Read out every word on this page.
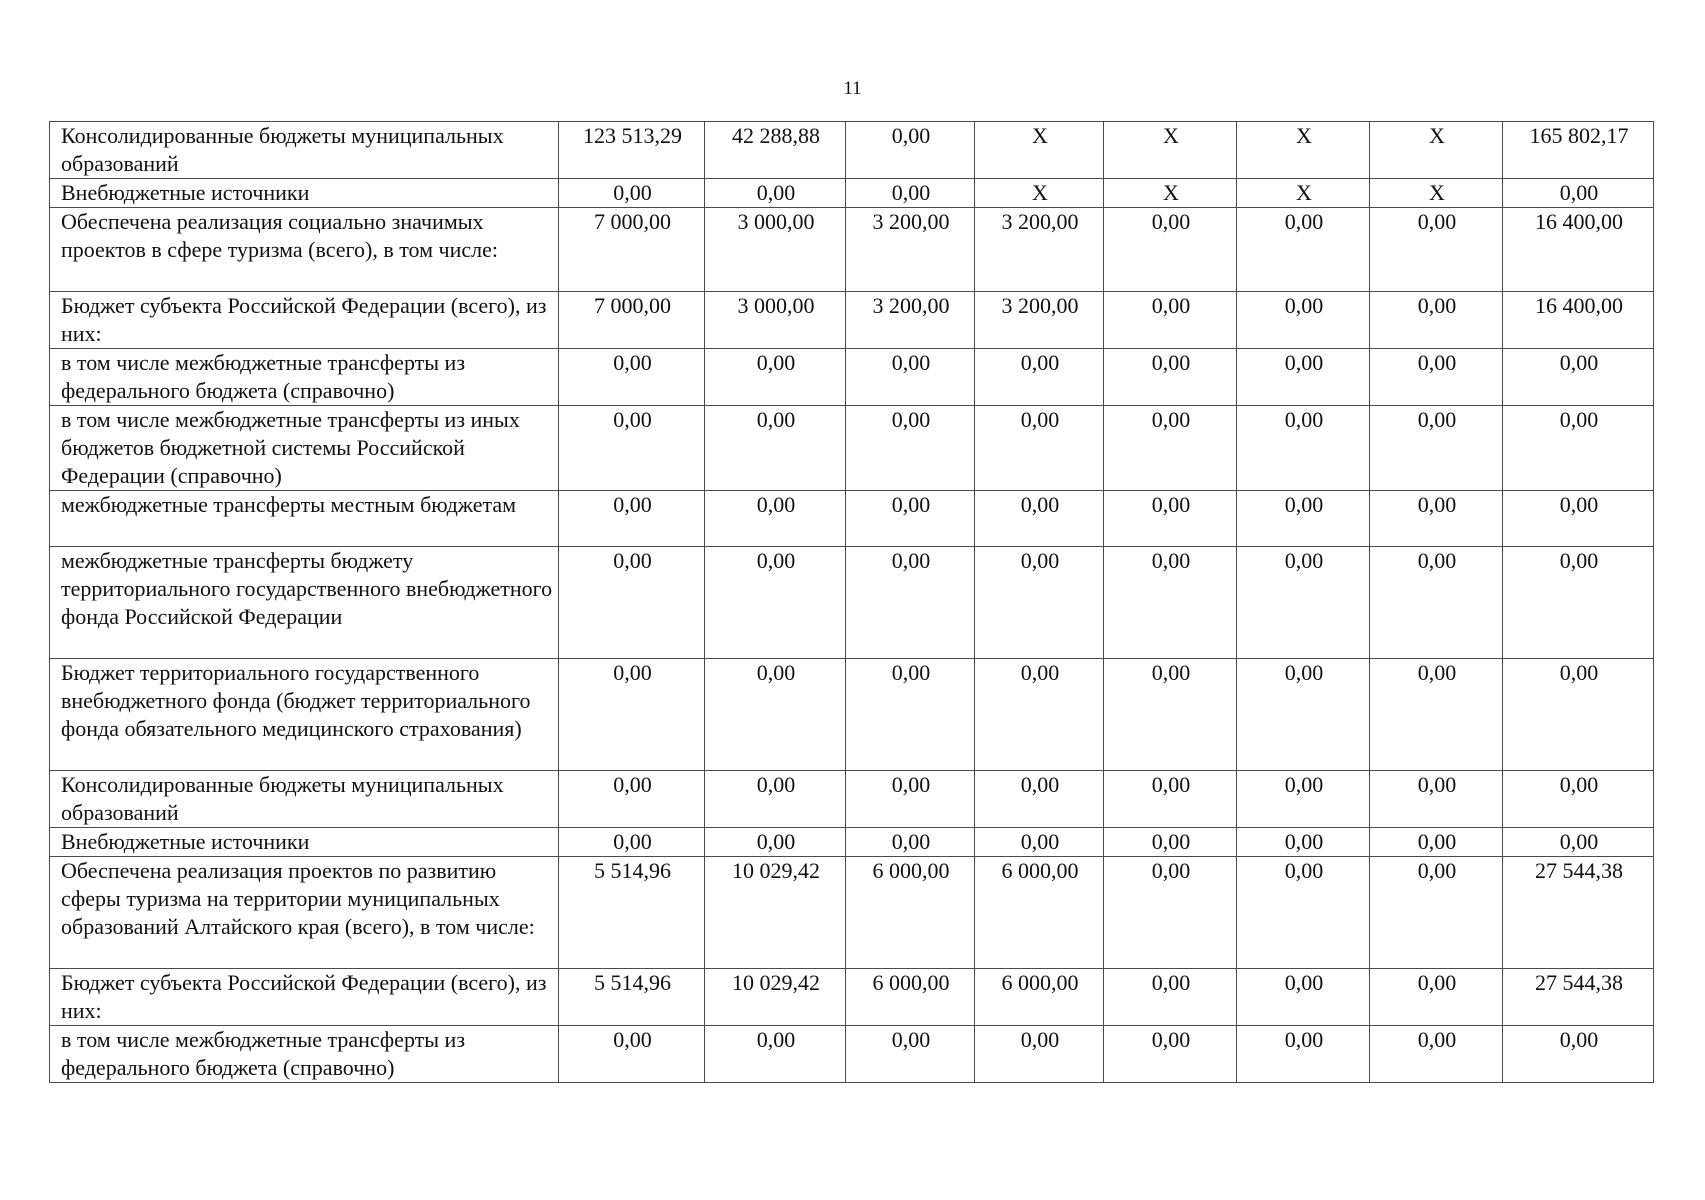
11
Консолидированные бюджеты муниципальных образований	123 513,29	42 288,88	0,00	Х	Х	Х	Х	165 802,17
Внебюджетные источники	0,00	0,00	0,00	Х	Х	Х	Х	0,00
Обеспечена реализация социально значимых проектов в сфере туризма (всего), в том числе:	7 000,00	3 000,00	3 200,00	3 200,00	0,00	0,00	0,00	16 400,00
Бюджет субъекта Российской Федерации (всего), из них:	7 000,00	3 000,00	3 200,00	3 200,00	0,00	0,00	0,00	16 400,00
в том числе межбюджетные трансферты из федерального бюджета (справочно)	0,00	0,00	0,00	0,00	0,00	0,00	0,00	0,00
в том числе межбюджетные трансферты из иных бюджетов бюджетной системы Российской Федерации (справочно)	0,00	0,00	0,00	0,00	0,00	0,00	0,00	0,00
межбюджетные трансферты местным бюджетам	0,00	0,00	0,00	0,00	0,00	0,00	0,00	0,00
межбюджетные трансферты бюджету территориального государственного внебюджетного фонда Российской Федерации	0,00	0,00	0,00	0,00	0,00	0,00	0,00	0,00
Бюджет территориального государственного внебюджетного фонда (бюджет территориального фонда обязательного медицинского страхования)	0,00	0,00	0,00	0,00	0,00	0,00	0,00	0,00
Консолидированные бюджеты муниципальных образований	0,00	0,00	0,00	0,00	0,00	0,00	0,00	0,00
Внебюджетные источники	0,00	0,00	0,00	0,00	0,00	0,00	0,00	0,00
Обеспечена реализация проектов по развитию сферы туризма на территории муниципальных образований Алтайского края (всего), в том числе:	5 514,96	10 029,42	6 000,00	6 000,00	0,00	0,00	0,00	27 544,38
Бюджет субъекта Российской Федерации (всего), из них:	5 514,96	10 029,42	6 000,00	6 000,00	0,00	0,00	0,00	27 544,38
в том числе межбюджетные трансферты из федерального бюджета (справочно)	0,00	0,00	0,00	0,00	0,00	0,00	0,00	0,00
